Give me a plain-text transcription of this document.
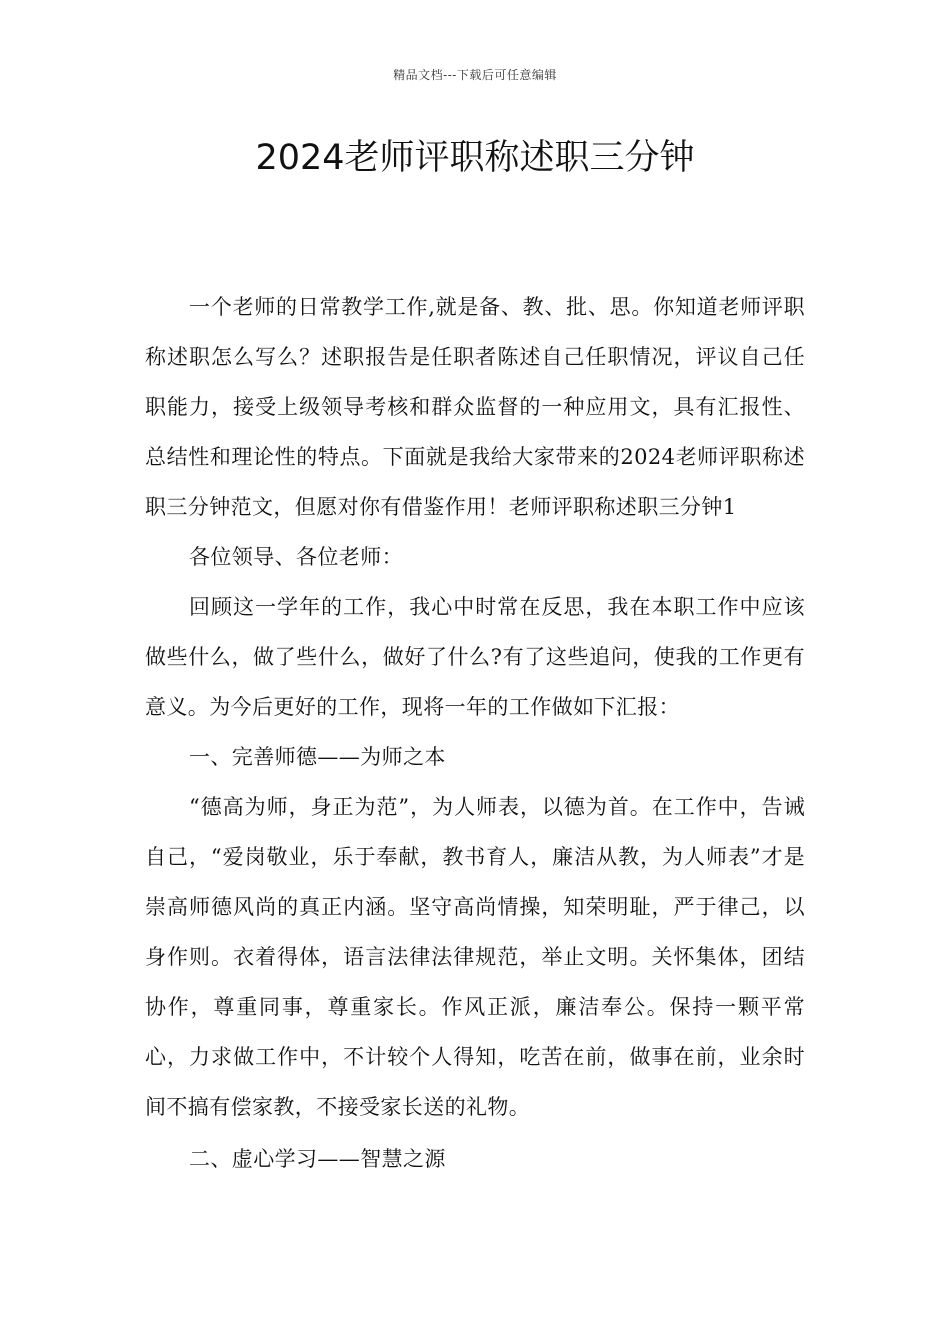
精品文档---下载后可任意编辑
2024老师评职称述职三分钟

一个老师的日常教学工作,就是备、教、批、思。你知道老师评职称述职怎么写么？述职报告是任职者陈述自己任职情况，评议自己任职能力，接受上级领导考核和群众监督的一种应用文，具有汇报性、总结性和理论性的特点。下面就是我给大家带来的2024老师评职称述职三分钟范文，但愿对你有借鉴作用！老师评职称述职三分钟1

各位领导、各位老师：

回顾这一学年的工作，我心中时常在反思，我在本职工作中应该做些什么，做了些什么，做好了什么?有了这些追问，使我的工作更有意义。为今后更好的工作，现将一年的工作做如下汇报：

一、完善师德——为师之本

“德高为师，身正为范”，为人师表，以德为首。在工作中，告诫自己，“爱岗敬业，乐于奉献，教书育人，廉洁从教，为人师表”才是崇高师德风尚的真正内涵。坚守高尚情操，知荣明耻，严于律己，以身作则。衣着得体，语言法律法律规范，举止文明。关怀集体，团结协作，尊重同事，尊重家长。作风正派，廉洁奉公。保持一颗平常心，力求做工作中，不计较个人得知，吃苦在前，做事在前，业余时间不搞有偿家教，不接受家长送的礼物。

二、虚心学习——智慧之源
